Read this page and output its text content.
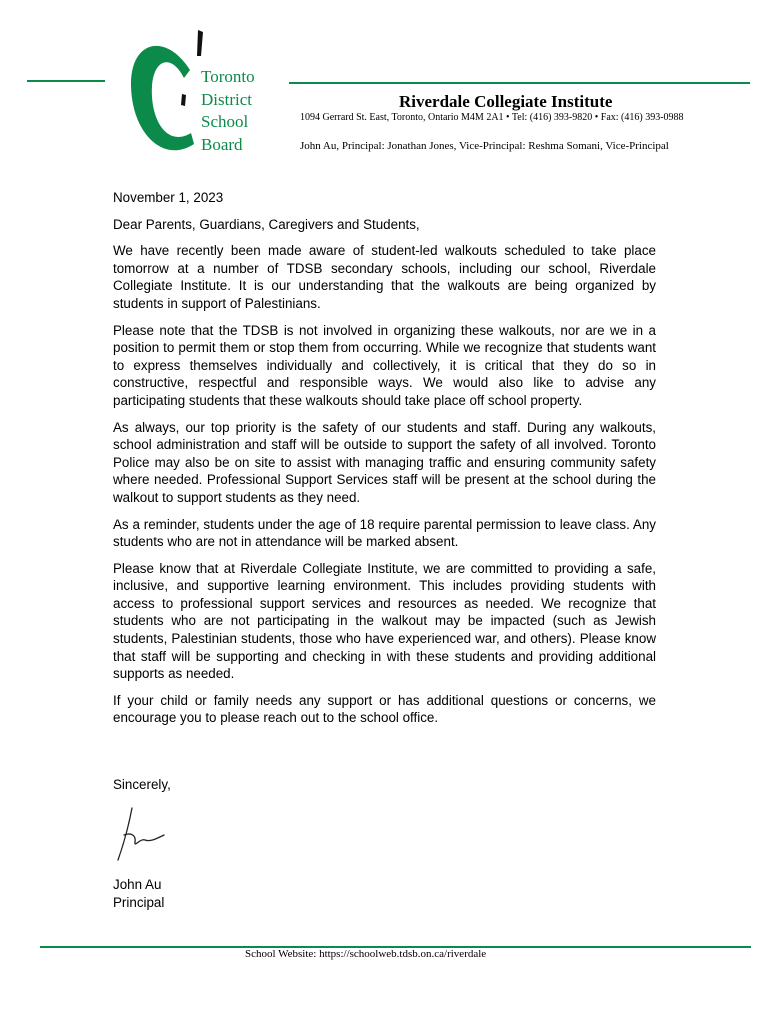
Toronto
District
School
Board
Riverdale Collegiate Institute
1094 Gerrard St. East, Toronto, Ontario M4M 2A1 • Tel: (416) 393-9820 • Fax: (416) 393-0988
John Au, Principal: Jonathan Jones, Vice-Principal: Reshma Somani, Vice-Principal

November 1, 2023

Dear Parents, Guardians, Caregivers and Students,

We have recently been made aware of student-led walkouts scheduled to take place tomorrow at a number of TDSB secondary schools, including our school, Riverdale Collegiate Institute. It is our understanding that the walkouts are being organized by students in support of Palestinians.

Please note that the TDSB is not involved in organizing these walkouts, nor are we in a position to permit them or stop them from occurring. While we recognize that students want to express themselves individually and collectively, it is critical that they do so in constructive, respectful and responsible ways. We would also like to advise any participating students that these walkouts should take place off school property.

As always, our top priority is the safety of our students and staff. During any walkouts, school administration and staff will be outside to support the safety of all involved. Toronto Police may also be on site to assist with managing traffic and ensuring community safety where needed. Professional Support Services staff will be present at the school during the walkout to support students as they need.

As a reminder, students under the age of 18 require parental permission to leave class. Any students who are not in attendance will be marked absent.

Please know that at Riverdale Collegiate Institute, we are committed to providing a safe, inclusive, and supportive learning environment. This includes providing students with access to professional support services and resources as needed. We recognize that students who are not participating in the walkout may be impacted (such as Jewish students, Palestinian students, those who have experienced war, and others). Please know that staff will be supporting and checking in with these students and providing additional supports as needed.

If your child or family needs any support or has additional questions or concerns, we encourage you to please reach out to the school office.

Sincerely,
John Au
Principal
School Website: https://schoolweb.tdsb.on.ca/riverdale
